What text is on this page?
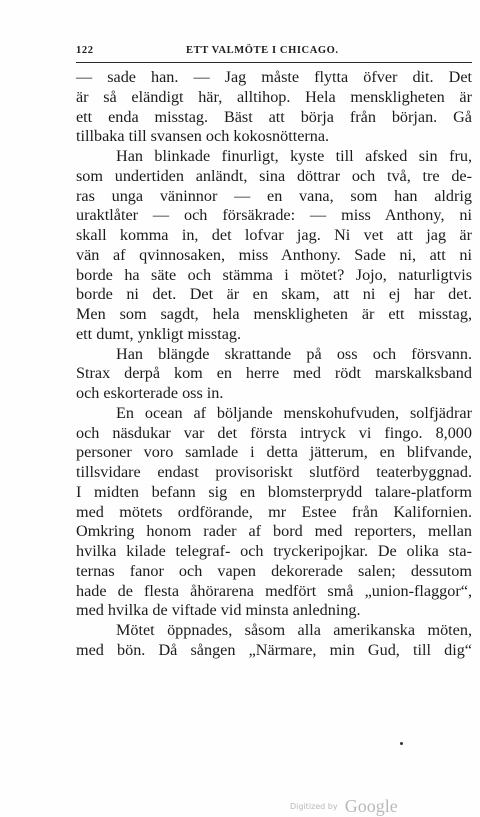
122	ETT VALMÖTE I CHICAGO.
— sade han. — Jag måste flytta öfver dit. Det
är så eländigt här, alltihop. Hela menskligheten är
ett enda misstag. Bäst att börja från början. Gå
tillbaka till svansen och kokosnötterna.
Han blinkade finurligt, kyste till afsked sin fru,
som undertiden anländt, sina döttrar och två, tre de-
ras unga väninnor — en vana, som han aldrig
uraktlåter — och försäkrade: — miss Anthony, ni
skall komma in, det lofvar jag. Ni vet att jag är
vän af qvinnosaken, miss Anthony. Sade ni, att ni
borde ha säte och stämma i mötet? Jojo, naturligtvis
borde ni det. Det är en skam, att ni ej har det.
Men som sagdt, hela menskligheten är ett misstag,
ett dumt, ynkligt misstag.
Han blängde skrattande på oss och försvann.
Strax derpå kom en herre med rödt marskalksband
och eskorterade oss in.
En ocean af böljande menskohufvuden, solfjädrar
och näsdukar var det första intryck vi fingo. 8,000
personer voro samlade i detta jätterum, en blifvande,
tillsvidare endast provisoriskt slutförd teaterbyggnad.
I midten befann sig en blomsterprydd talare-platform
med mötets ordförande, mr Estee från Kalifornien.
Omkring honom rader af bord med reporters, mellan
hvilka kilade telegraf- och tryckeripojkar. De olika sta-
ternas fanor och vapen dekorerade salen; dessutom
hade de flesta åhörarena medfört små „union-flaggor“,
med hvilka de viftade vid minsta anledning.
Mötet öppnades, såsom alla amerikanska möten,
med bön. Då sången „Närmare, min Gud, till dig“
Digitized by Google
